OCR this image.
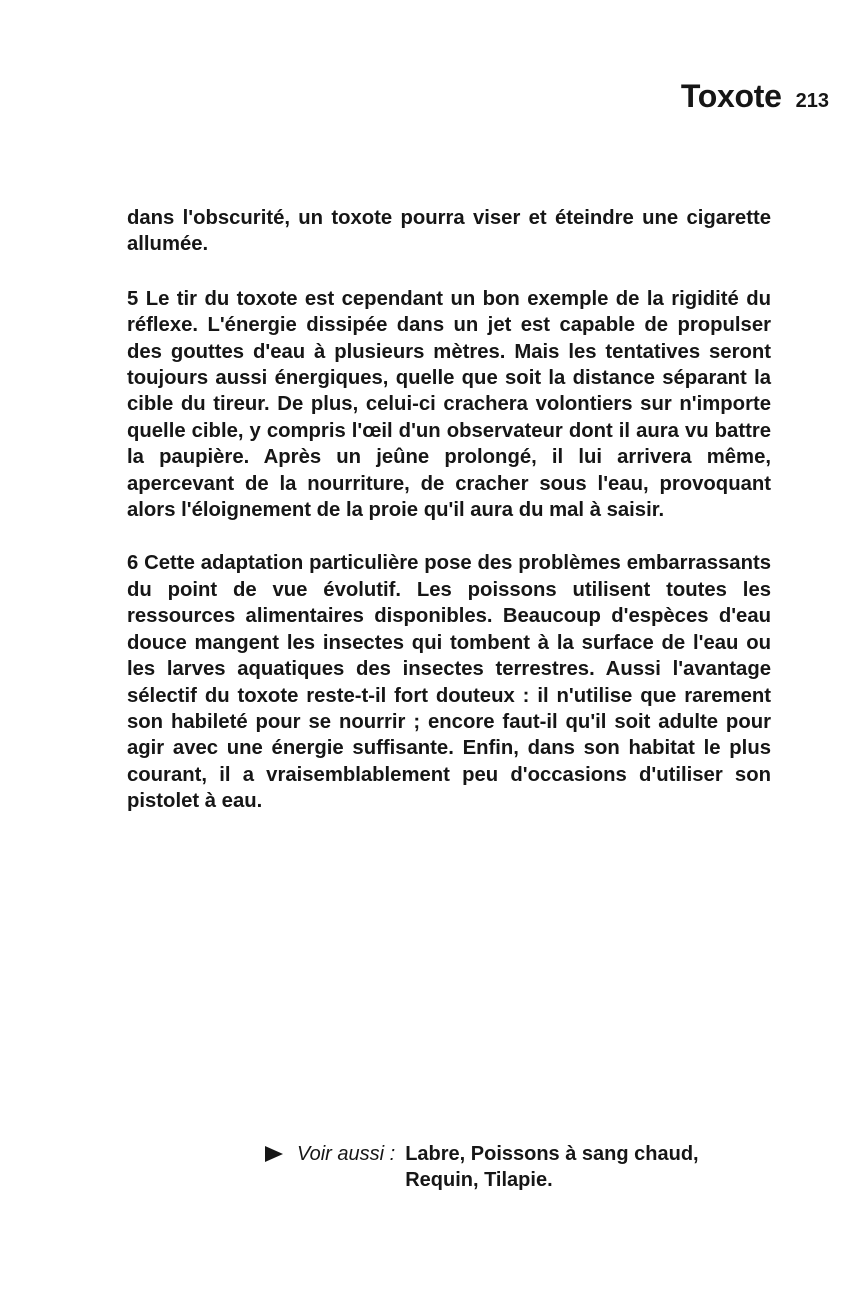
Toxote 213

dans l'obscurité, un toxote pourra viser et éteindre une cigarette allumée.

5 Le tir du toxote est cependant un bon exemple de la rigidité du réflexe. L'énergie dissipée dans un jet est capable de propulser des gouttes d'eau à plusieurs mètres. Mais les tentatives seront toujours aussi énergiques, quelle que soit la distance séparant la cible du tireur. De plus, celui-ci crachera volontiers sur n'importe quelle cible, y compris l'œil d'un observateur dont il aura vu battre la paupière. Après un jeûne prolongé, il lui arrivera même, apercevant de la nourriture, de cracher sous l'eau, provoquant alors l'éloignement de la proie qu'il aura du mal à saisir.

6 Cette adaptation particulière pose des problèmes embarrassants du point de vue évolutif. Les poissons utilisent toutes les ressources alimentaires disponibles. Beaucoup d'espèces d'eau douce mangent les insectes qui tombent à la surface de l'eau ou les larves aquatiques des insectes terrestres. Aussi l'avantage sélectif du toxote reste-t-il fort douteux : il n'utilise que rarement son habileté pour se nourrir ; encore faut-il qu'il soit adulte pour agir avec une énergie suffisante. Enfin, dans son habitat le plus courant, il a vraisemblablement peu d'occasions d'utiliser son pistolet à eau.

Voir aussi : Labre, Poissons à sang chaud, Requin, Tilapie.
